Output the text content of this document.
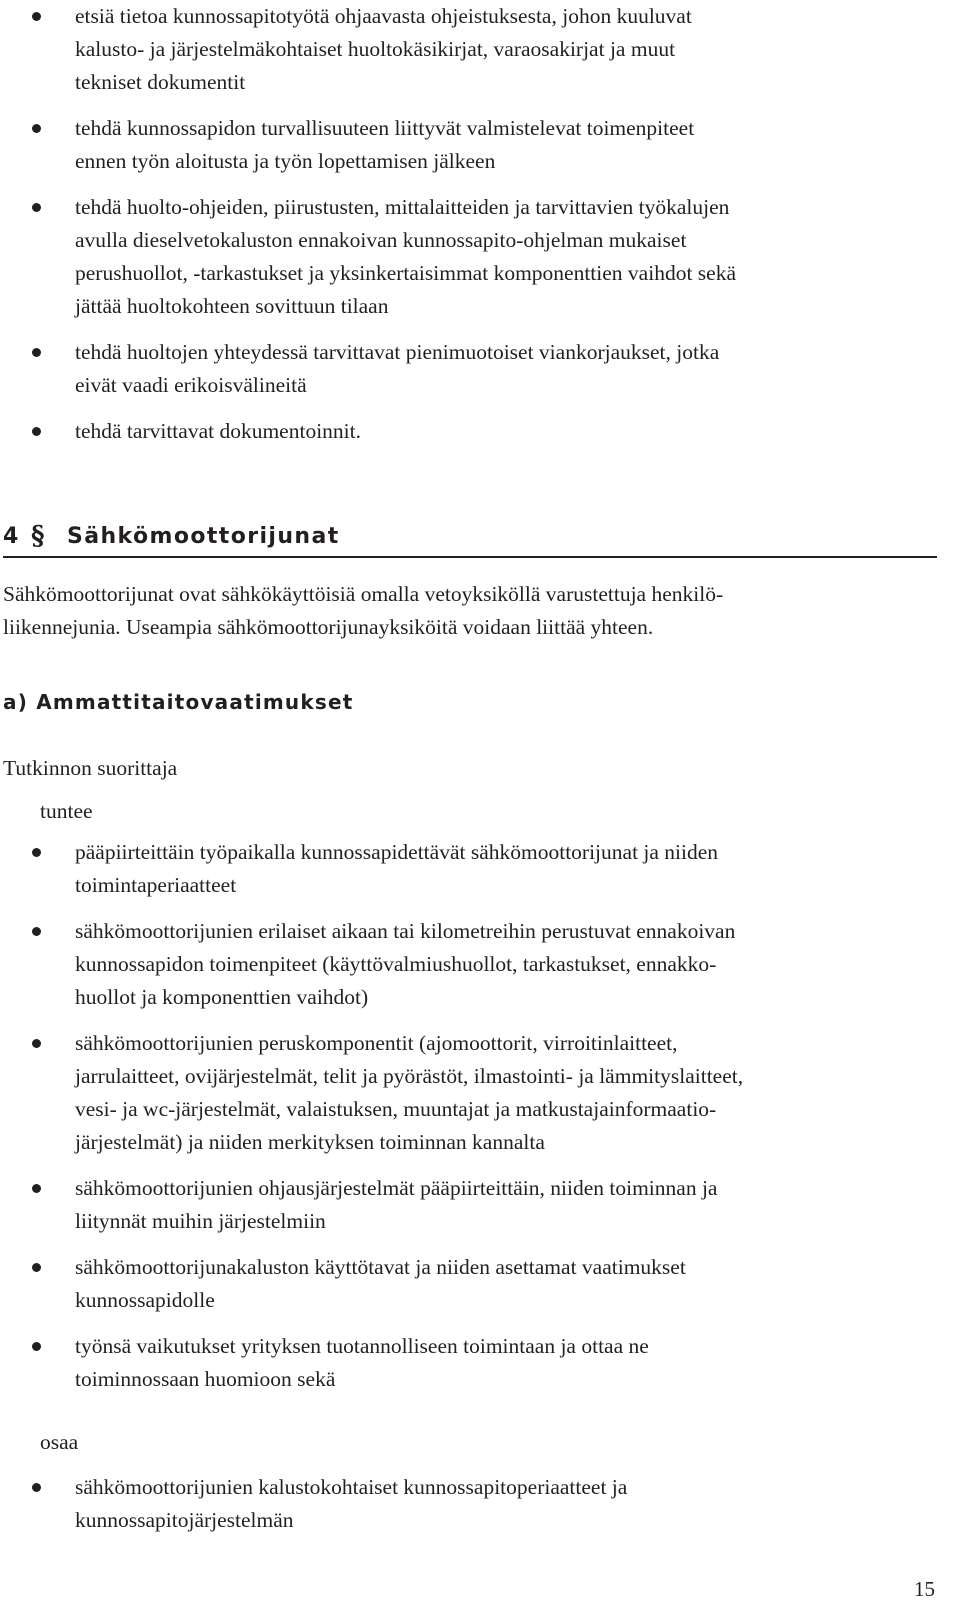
etsiä tietoa kunnossapitotyötä ohjaavasta ohjeistuksesta, johon kuuluvat
kalusto- ja järjestelmäkohtaiset huoltokäsikirjat, varaosakirjat ja muut
tekniset dokumentit
tehdä kunnossapidon turvallisuuteen liittyvät valmistelevat toimenpiteet
ennen työn aloitusta ja työn lopettamisen jälkeen
tehdä huolto-ohjeiden, piirustusten, mittalaitteiden ja tarvittavien työkalujen
avulla dieselvetokaluston ennakoivan kunnossapito-ohjelman mukaiset
perushuollot, -tarkastukset ja yksinkertaisimmat komponenttien vaihdot sekä
jättää huoltokohteen sovittuun tilaan
tehdä huoltojen yhteydessä tarvittavat pienimuotoiset viankorjaukset, jotka
eivät vaadi erikoisvälineitä
tehdä tarvittavat dokumentoinnit.
4 § Sähkömoottorijunat
Sähkömoottorijunat ovat sähkökäyttöisiä omalla vetoyksiköllä varustettuja henkilö-
liikennejunia. Useampia sähkömoottorijunayksiköitä voidaan liittää yhteen.
a) Ammattitaitovaatimukset
Tutkinnon suorittaja
tuntee
pääpiirteittäin työpaikalla kunnossapidettävät sähkömoottorijunat ja niiden
toimintaperiaatteet
sähkömoottorijunien erilaiset aikaan tai kilometreihin perustuvat ennakoivan
kunnossapidon toimenpiteet (käyttövalmiushuollot, tarkastukset, ennakko-
huollot ja komponenttien vaihdot)
sähkömoottorijunien peruskomponentit (ajomoottorit, virroitinlaitteet,
jarrulaitteet, ovijärjestelmät, telit ja pyörästöt, ilmastointi- ja lämmityslaitteet,
vesi- ja wc-järjestelmät, valaistuksen, muuntajat ja matkustajainformaatio-
järjestelmät) ja niiden merkityksen toiminnan kannalta
sähkömoottorijunien ohjausjärjestelmät pääpiirteittäin, niiden toiminnan ja
liitynnät muihin järjestelmiin
sähkömoottorijunakaluston käyttötavat ja niiden asettamat vaatimukset
kunnossapidolle
työnsä vaikutukset yrityksen tuotannolliseen toimintaan ja ottaa ne
toiminnossaan huomioon sekä
osaa
sähkömoottorijunien kalustokohtaiset kunnossapitoperiaatteet ja
kunnossapitojärjestelmän
15
